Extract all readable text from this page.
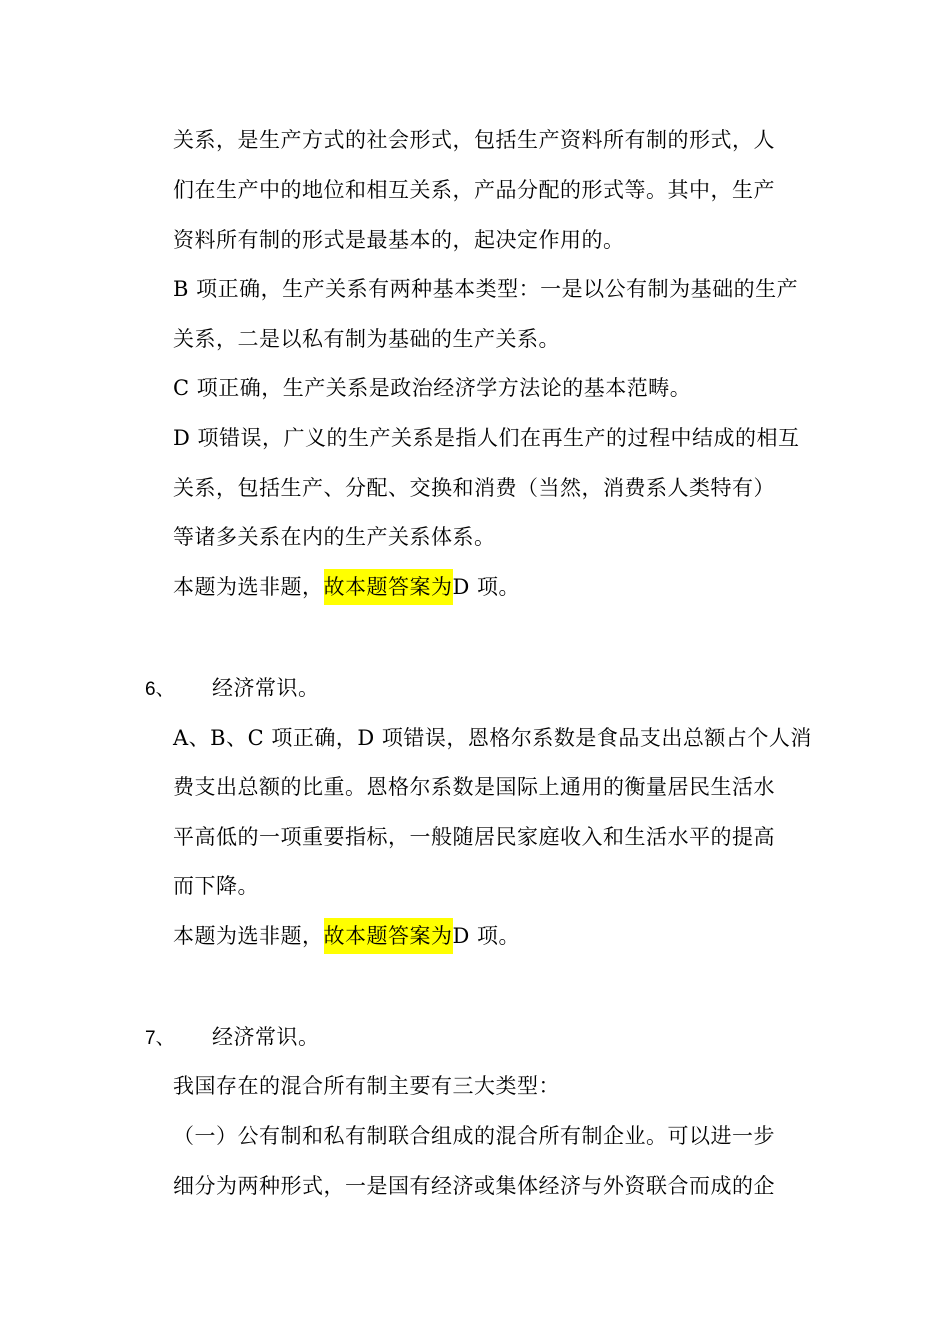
关系，是生产方式的社会形式，包括生产资料所有制的形式，人
们在生产中的地位和相互关系，产品分配的形式等。其中，生产
资料所有制的形式是最基本的，起决定作用的。
B 项正确，生产关系有两种基本类型：一是以公有制为基础的生产
关系，二是以私有制为基础的生产关系。
C 项正确，生产关系是政治经济学方法论的基本范畴。
D 项错误，广义的生产关系是指人们在再生产的过程中结成的相互
关系，包括生产、分配、交换和消费（当然，消费系人类特有）
等诸多关系在内的生产关系体系。
本题为选非题，故本题答案为D 项。
6、 经济常识。
A、B、C 项正确，D 项错误，恩格尔系数是食品支出总额占个人消
费支出总额的比重。恩格尔系数是国际上通用的衡量居民生活水
平高低的一项重要指标，一般随居民家庭收入和生活水平的提高
而下降。
本题为选非题，故本题答案为D 项。
7、 经济常识。
我国存在的混合所有制主要有三大类型：
（一）公有制和私有制联合组成的混合所有制企业。可以进一步
细分为两种形式，一是国有经济或集体经济与外资联合而成的企
